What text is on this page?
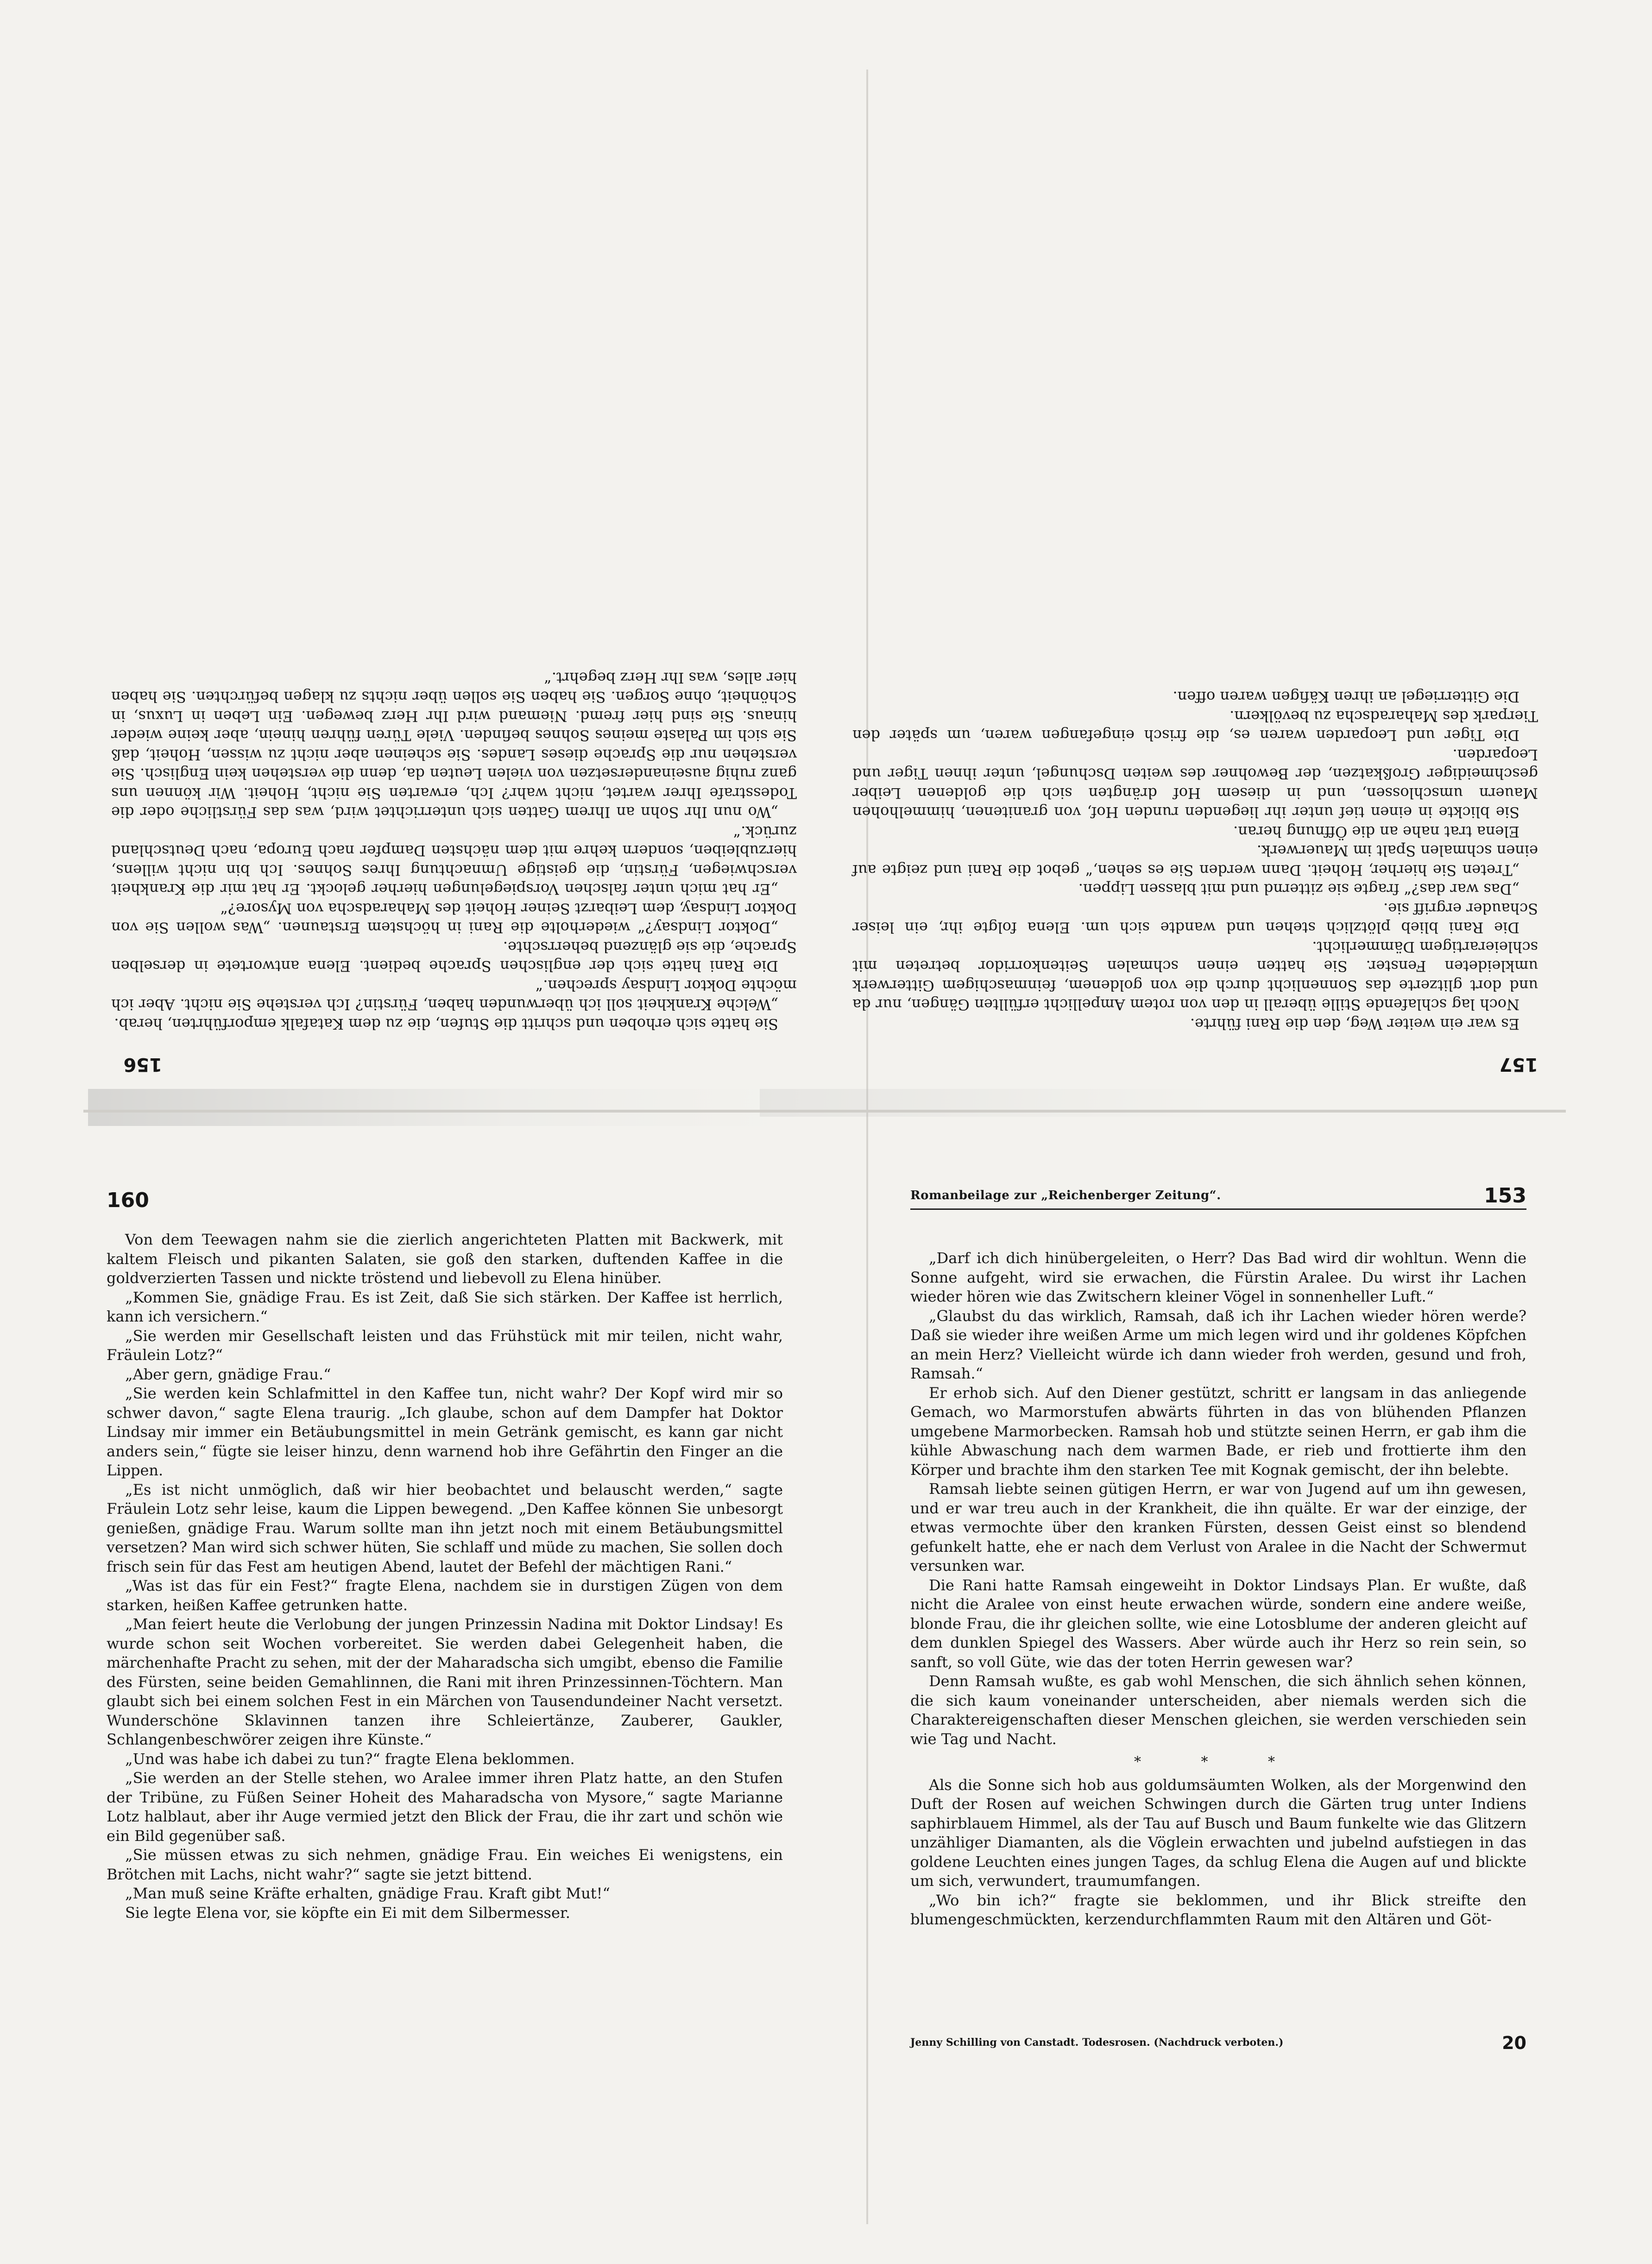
157

Es war ein weiter Weg, den die Rani führte.

Noch lag schlafende Stille überall in den von rotem Ampellicht erfüllten Gängen, nur da und dort glitzerte das Sonnenlicht durch die von goldenem, feinmaschigem Gitterwerk umkleideten Fenster. Sie hatten einen schmalen Seitenkorridor betreten mit schleierartigem Dämmerlicht.

Die Rani blieb plötzlich stehen und wandte sich um. Elena folgte ihr, ein leiser Schauder ergriff sie.

„Das war das?“ fragte sie zitternd und mit blassen Lippen.

„Treten Sie hierher, Hoheit. Dann werden Sie es sehen,“ gebot die Rani und zeigte auf einen schmalen Spalt im Mauerwerk.

Elena trat nahe an die Öffnung heran.

Sie blickte in einen tief unter ihr liegenden runden Hof, von granitenen, himmelhohen Mauern umschlossen, und in diesem Hof drängten sich die goldenen Leiber geschmeidiger Großkatzen, der Bewohner des weiten Dschungel, unter ihnen Tiger und Leoparden.

Die Tiger und Leoparden waren es, die frisch eingefangen waren, um später den Tierpark des Maharadscha zu bevölkern.

Die Gitterriegel an ihren Käfigen waren offen.

156

Sie hatte sich erhoben und schritt die Stufen, die zu dem Katafalk emporführten, herab.

„Welche Krankheit soll ich überwunden haben, Fürstin? Ich verstehe Sie nicht. Aber ich möchte Doktor Lindsay sprechen.“

Die Rani hatte sich der englischen Sprache bedient. Elena antwortete in derselben Sprache, die sie glänzend beherrschte.

„Doktor Lindsay?“ wiederholte die Rani in höchstem Erstaunen. „Was wollen Sie von Doktor Lindsay, dem Leibarzt Seiner Hoheit des Maharadscha von Mysore?“

„Er hat mich unter falschen Vorspiegelungen hierher gelockt. Er hat mir die Krankheit verschwiegen, Fürstin, die geistige Umnachtung Ihres Sohnes. Ich bin nicht willens, hierzubleiben, sondern kehre mit dem nächsten Dampfer nach Europa, nach Deutschland zurück.“

„Wo nun Ihr Sohn an Ihrem Gatten sich unterrichtet wird, was das Fürstliche oder die Todesstrafe Ihrer wartet, nicht wahr? Ich, erwarten Sie nicht, Hoheit. Wir können uns ganz ruhig auseinandersetzen von vielen Leuten da, denn die verstehen kein Englisch. Sie verstehen nur die Sprache dieses Landes. Sie scheinen aber nicht zu wissen, Hoheit, daß Sie sich im Palaste meines Sohnes befinden. Viele Türen führen hinein, aber keine wieder hinaus. Sie sind hier fremd. Niemand wird Ihr Herz bewegen. Ein Leben in Luxus, in Schönheit, ohne Sorgen. Sie haben Sie sollen über nichts zu klagen befürchten. Sie haben hier alles, was Ihr Herz begehrt.“

160

Von dem Teewagen nahm sie die zierlich angerichteten Platten mit Backwerk, mit kaltem Fleisch und pikanten Salaten, sie goß den starken, duftenden Kaffee in die goldverzierten Tassen und nickte tröstend und liebevoll zu Elena hinüber.

„Kommen Sie, gnädige Frau. Es ist Zeit, daß Sie sich stärken. Der Kaffee ist herrlich, kann ich versichern.“

„Sie werden mir Gesellschaft leisten und das Frühstück mit mir teilen, nicht wahr, Fräulein Lotz?“

„Aber gern, gnädige Frau.“

„Sie werden kein Schlafmittel in den Kaffee tun, nicht wahr? Der Kopf wird mir so schwer davon,“ sagte Elena traurig. „Ich glaube, schon auf dem Dampfer hat Doktor Lindsay mir immer ein Betäubungsmittel in mein Getränk gemischt, es kann gar nicht anders sein,“ fügte sie leiser hinzu, denn warnend hob ihre Gefährtin den Finger an die Lippen.

„Es ist nicht unmöglich, daß wir hier beobachtet und belauscht werden,“ sagte Fräulein Lotz sehr leise, kaum die Lippen bewegend. „Den Kaffee können Sie unbesorgt genießen, gnädige Frau. Warum sollte man ihn jetzt noch mit einem Betäubungsmittel versetzen? Man wird sich schwer hüten, Sie schlaff und müde zu machen, Sie sollen doch frisch sein für das Fest am heutigen Abend, lautet der Befehl der mächtigen Rani.“

„Was ist das für ein Fest?“ fragte Elena, nachdem sie in durstigen Zügen von dem starken, heißen Kaffee getrunken hatte.

„Man feiert heute die Verlobung der jungen Prinzessin Nadina mit Doktor Lindsay! Es wurde schon seit Wochen vorbereitet. Sie werden dabei Gelegenheit haben, die märchenhafte Pracht zu sehen, mit der der Maharadscha sich umgibt, ebenso die Familie des Fürsten, seine beiden Gemahlinnen, die Rani mit ihren Prinzessinnen-Töchtern. Man glaubt sich bei einem solchen Fest in ein Märchen von Tausendundeiner Nacht versetzt. Wunderschöne Sklavinnen tanzen ihre Schleiertänze, Zauberer, Gaukler, Schlangenbeschwörer zeigen ihre Künste.“

„Und was habe ich dabei zu tun?“ fragte Elena beklommen.

„Sie werden an der Stelle stehen, wo Aralee immer ihren Platz hatte, an den Stufen der Tribüne, zu Füßen Seiner Hoheit des Maharadscha von Mysore,“ sagte Marianne Lotz halblaut, aber ihr Auge vermied jetzt den Blick der Frau, die ihr zart und schön wie ein Bild gegenüber saß.

„Sie müssen etwas zu sich nehmen, gnädige Frau. Ein weiches Ei wenigstens, ein Brötchen mit Lachs, nicht wahr?“ sagte sie jetzt bittend.

„Man muß seine Kräfte erhalten, gnädige Frau. Kraft gibt Mut!“

Sie legte Elena vor, sie köpfte ein Ei mit dem Silbermesser.

Romanbeilage zur „Reichenberger Zeitung“.	153

„Darf ich dich hinübergeleiten, o Herr? Das Bad wird dir wohltun. Wenn die Sonne aufgeht, wird sie erwachen, die Fürstin Aralee. Du wirst ihr Lachen wieder hören wie das Zwitschern kleiner Vögel in sonnenheller Luft.“

„Glaubst du das wirklich, Ramsah, daß ich ihr Lachen wieder hören werde? Daß sie wieder ihre weißen Arme um mich legen wird und ihr goldenes Köpfchen an mein Herz? Vielleicht würde ich dann wieder froh werden, gesund und froh, Ramsah.“

Er erhob sich. Auf den Diener gestützt, schritt er langsam in das anliegende Gemach, wo Marmorstufen abwärts führten in das von blühenden Pflanzen umgebene Marmorbecken. Ramsah hob und stützte seinen Herrn, er gab ihm die kühle Abwaschung nach dem warmen Bade, er rieb und frottierte ihm den Körper und brachte ihm den starken Tee mit Kognak gemischt, der ihn belebte.

Ramsah liebte seinen gütigen Herrn, er war von Jugend auf um ihn gewesen, und er war treu auch in der Krankheit, die ihn quälte. Er war der einzige, der etwas vermochte über den kranken Fürsten, dessen Geist einst so blendend gefunkelt hatte, ehe er nach dem Verlust von Aralee in die Nacht der Schwermut versunken war.

Die Rani hatte Ramsah eingeweiht in Doktor Lindsays Plan. Er wußte, daß nicht die Aralee von einst heute erwachen würde, sondern eine andere weiße, blonde Frau, die ihr gleichen sollte, wie eine Lotosblume der anderen gleicht auf dem dunklen Spiegel des Wassers. Aber würde auch ihr Herz so rein sein, so sanft, so voll Güte, wie das der toten Herrin gewesen war?

Denn Ramsah wußte, es gab wohl Menschen, die sich ähnlich sehen können, die sich kaum voneinander unterscheiden, aber niemals werden sich die Charaktereigenschaften dieser Menschen gleichen, sie werden verschieden sein wie Tag und Nacht.

* * *

Als die Sonne sich hob aus goldumsäumten Wolken, als der Morgenwind den Duft der Rosen auf weichen Schwingen durch die Gärten trug unter Indiens saphirblauem Himmel, als der Tau auf Busch und Baum funkelte wie das Glitzern unzähliger Diamanten, als die Vöglein erwachten und jubelnd aufstiegen in das goldene Leuchten eines jungen Tages, da schlug Elena die Augen auf und blickte um sich, verwundert, traumumfangen.

„Wo bin ich?“ fragte sie beklommen, und ihr Blick streifte den blumengeschmückten, kerzendurchflammten Raum mit den Altären und Göt-

Jenny Schilling von Canstadt. Todesrosen. (Nachdruck verboten.)	20
